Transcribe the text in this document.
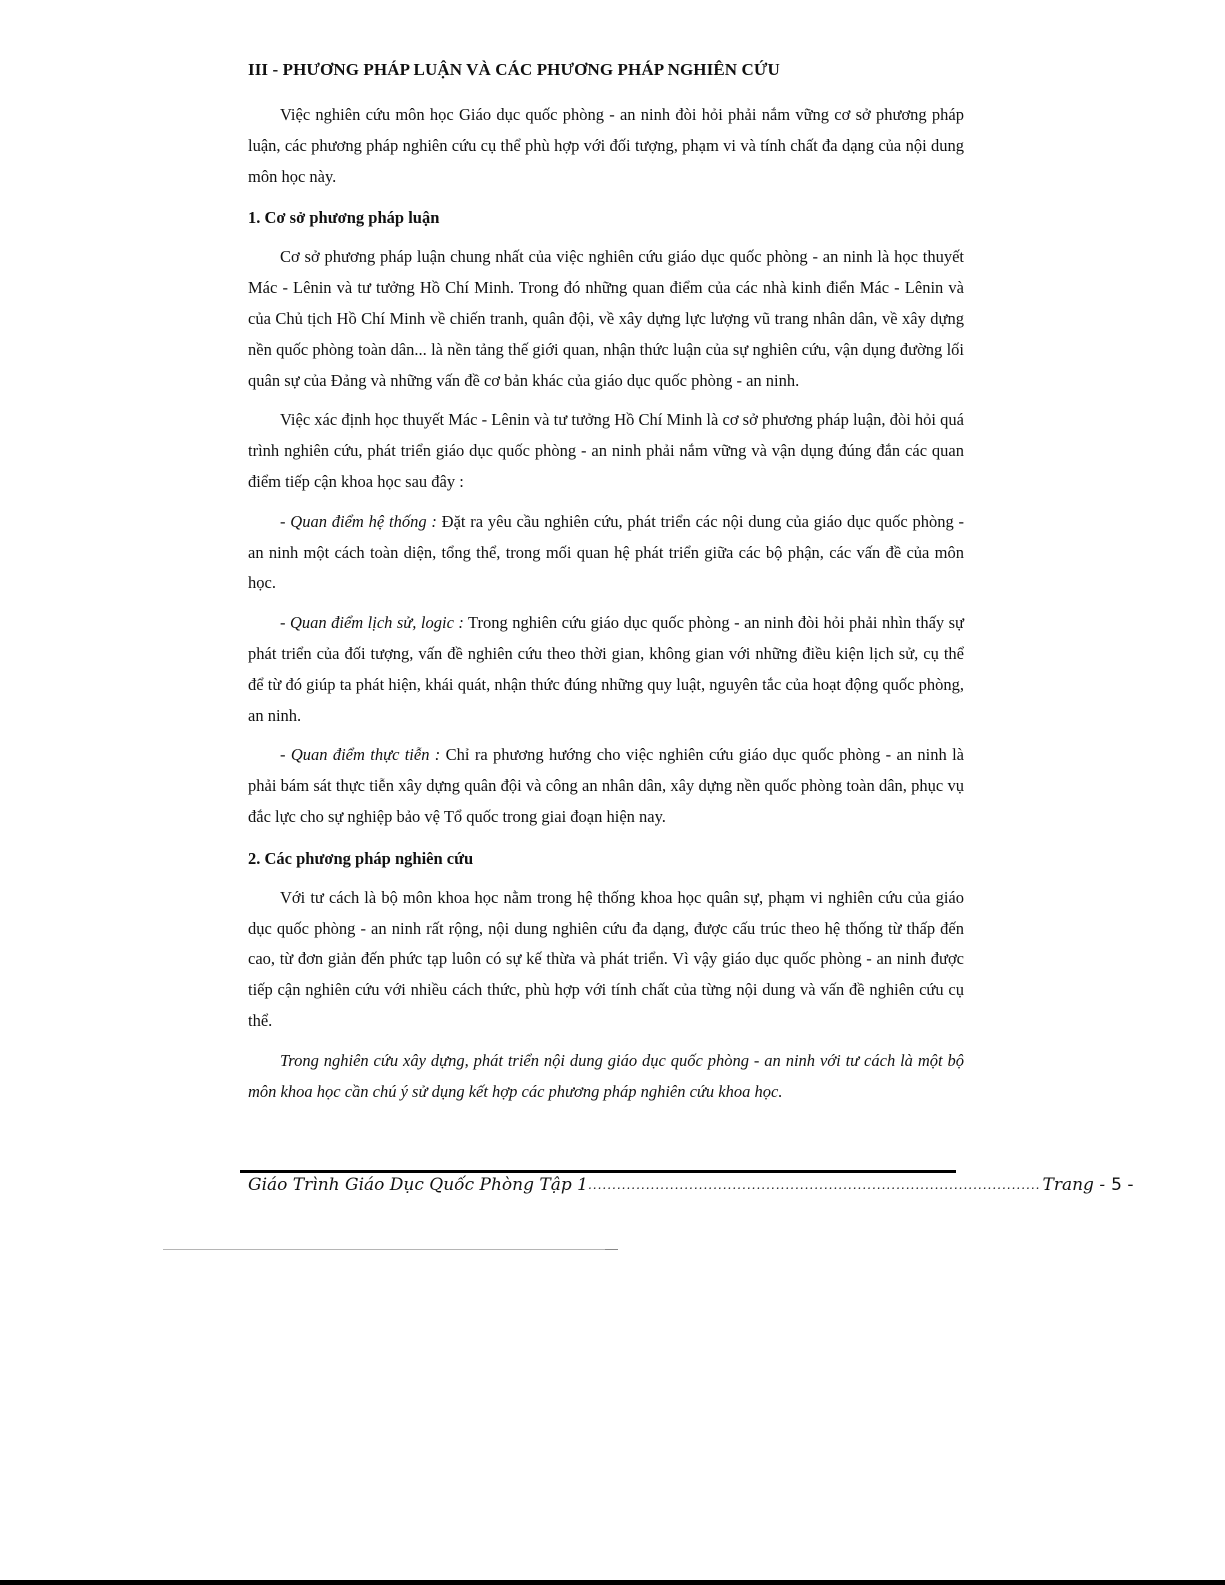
III - PHƯƠNG PHÁP LUẬN VÀ CÁC PHƯƠNG PHÁP NGHIÊN CỨU

Việc nghiên cứu môn học Giáo dục quốc phòng - an ninh đòi hỏi phải nắm vững cơ sở phương pháp luận, các phương pháp nghiên cứu cụ thể phù hợp với đối tượng, phạm vi và tính chất đa dạng của nội dung môn học này.

1. Cơ sở phương pháp luận

Cơ sở phương pháp luận chung nhất của việc nghiên cứu giáo dục quốc phòng - an ninh là học thuyết Mác - Lênin và tư tưởng Hồ Chí Minh. Trong đó những quan điểm của các nhà kinh điển Mác - Lênin và của Chủ tịch Hồ Chí Minh về chiến tranh, quân đội, về xây dựng lực lượng vũ trang nhân dân, về xây dựng nền quốc phòng toàn dân... là nền tảng thế giới quan, nhận thức luận của sự nghiên cứu, vận dụng đường lối quân sự của Đảng và những vấn đề cơ bản khác của giáo dục quốc phòng - an ninh.

Việc xác định học thuyết Mác - Lênin và tư tưởng Hồ Chí Minh là cơ sở phương pháp luận, đòi hỏi quá trình nghiên cứu, phát triển giáo dục quốc phòng - an ninh phải nắm vững và vận dụng đúng đắn các quan điểm tiếp cận khoa học sau đây :

- Quan điểm hệ thống : Đặt ra yêu cầu nghiên cứu, phát triển các nội dung của giáo dục quốc phòng - an ninh một cách toàn diện, tổng thể, trong mối quan hệ phát triển giữa các bộ phận, các vấn đề của môn học.

- Quan điểm lịch sử, logic : Trong nghiên cứu giáo dục quốc phòng - an ninh đòi hỏi phải nhìn thấy sự phát triển của đối tượng, vấn đề nghiên cứu theo thời gian, không gian với những điều kiện lịch sử, cụ thể để từ đó giúp ta phát hiện, khái quát, nhận thức đúng những quy luật, nguyên tắc của hoạt động quốc phòng, an ninh.

- Quan điểm thực tiễn : Chỉ ra phương hướng cho việc nghiên cứu giáo dục quốc phòng - an ninh là phải bám sát thực tiễn xây dựng quân đội và công an nhân dân, xây dựng nền quốc phòng toàn dân, phục vụ đắc lực cho sự nghiệp bảo vệ Tổ quốc trong giai đoạn hiện nay.

2. Các phương pháp nghiên cứu

Với tư cách là bộ môn khoa học nằm trong hệ thống khoa học quân sự, phạm vi nghiên cứu của giáo dục quốc phòng - an ninh rất rộng, nội dung nghiên cứu đa dạng, được cấu trúc theo hệ thống từ thấp đến cao, từ đơn giản đến phức tạp luôn có sự kế thừa và phát triển. Vì vậy giáo dục quốc phòng - an ninh được tiếp cận nghiên cứu với nhiều cách thức, phù hợp với tính chất của từng nội dung và vấn đề nghiên cứu cụ thể.

Trong nghiên cứu xây dựng, phát triển nội dung giáo dục quốc phòng - an ninh với tư cách là một bộ môn khoa học cần chú ý sử dụng kết hợp các phương pháp nghiên cứu khoa học.

Giáo Trình Giáo Dục Quốc Phòng Tập 1 .............................................................................................. Trang - 5 -
